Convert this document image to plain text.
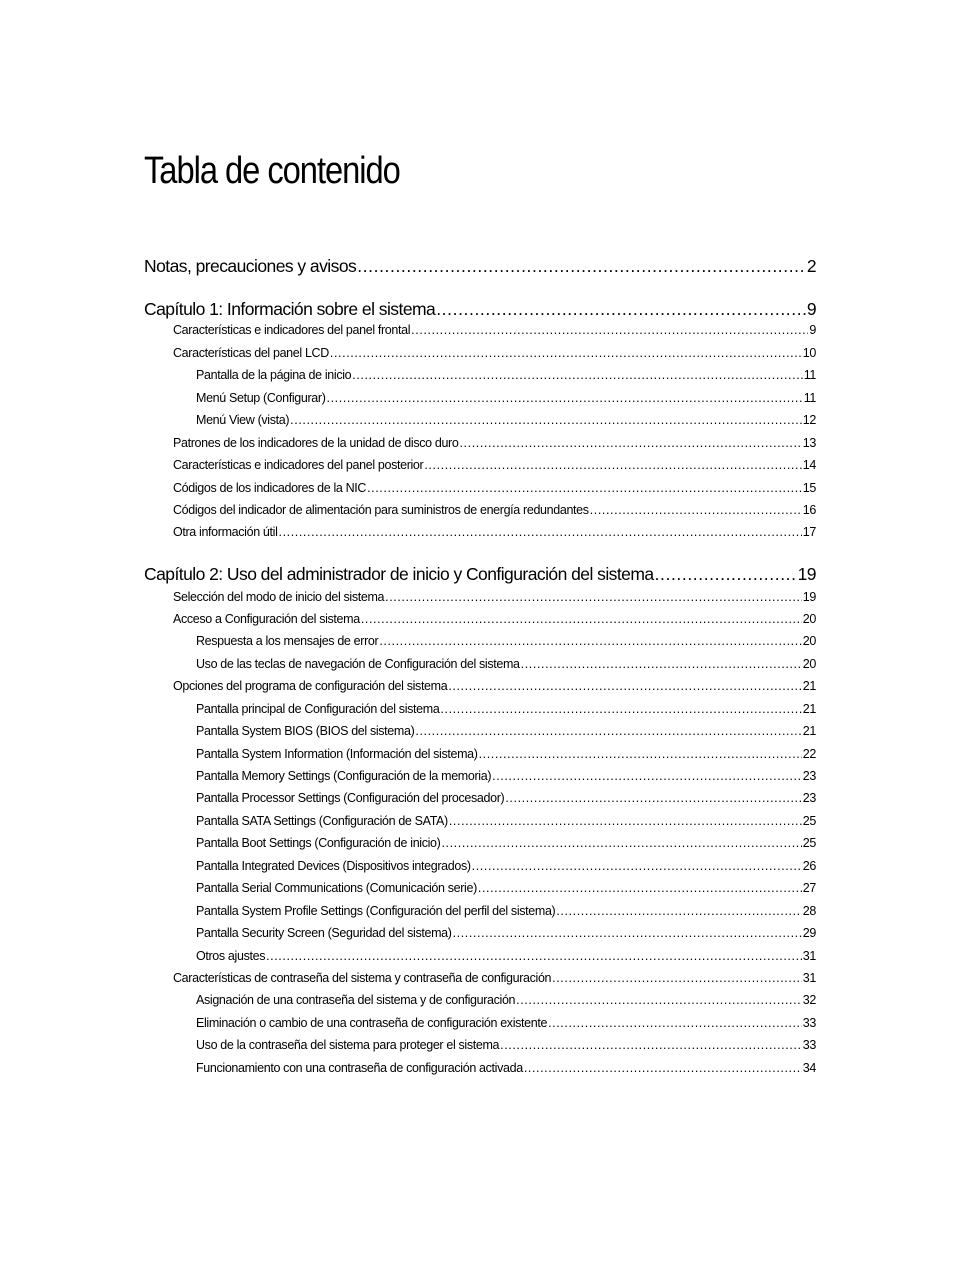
Tabla de contenido
Notas, precauciones y avisos .....	2
Capítulo 1: Información sobre el sistema .....	9
Características e indicadores del panel frontal .....	9
Características del panel LCD .....	10
Pantalla de la página de inicio .....	11
Menú Setup (Configurar) .....	11
Menú View (vista) .....	12
Patrones de los indicadores de la unidad de disco duro .....	13
Características e indicadores del panel posterior .....	14
Códigos de los indicadores de la NIC .....	15
Códigos del indicador de alimentación para suministros de energía redundantes .....	16
Otra información útil .....	17
Capítulo 2: Uso del administrador de inicio y Configuración del sistema .....	19
Selección del modo de inicio del sistema .....	19
Acceso a Configuración del sistema .....	20
Respuesta a los mensajes de error .....	20
Uso de las teclas de navegación de Configuración del sistema .....	20
Opciones del programa de configuración del sistema .....	21
Pantalla principal de Configuración del sistema .....	21
Pantalla System BIOS (BIOS del sistema) .....	21
Pantalla System Information (Información del sistema) .....	22
Pantalla Memory Settings (Configuración de la memoria) .....	23
Pantalla Processor Settings (Configuración del procesador) .....	23
Pantalla SATA Settings (Configuración de SATA) .....	25
Pantalla Boot Settings (Configuración de inicio) .....	25
Pantalla Integrated Devices (Dispositivos integrados) .....	26
Pantalla Serial Communications (Comunicación serie) .....	27
Pantalla System Profile Settings (Configuración del perfil del sistema) .....	28
Pantalla Security Screen (Seguridad del sistema) .....	29
Otros ajustes .....	31
Características de contraseña del sistema y contraseña de configuración .....	31
Asignación de una contraseña del sistema y de configuración .....	32
Eliminación o cambio de una contraseña de configuración existente .....	33
Uso de la contraseña del sistema para proteger el sistema .....	33
Funcionamiento con una contraseña de configuración activada .....	34
